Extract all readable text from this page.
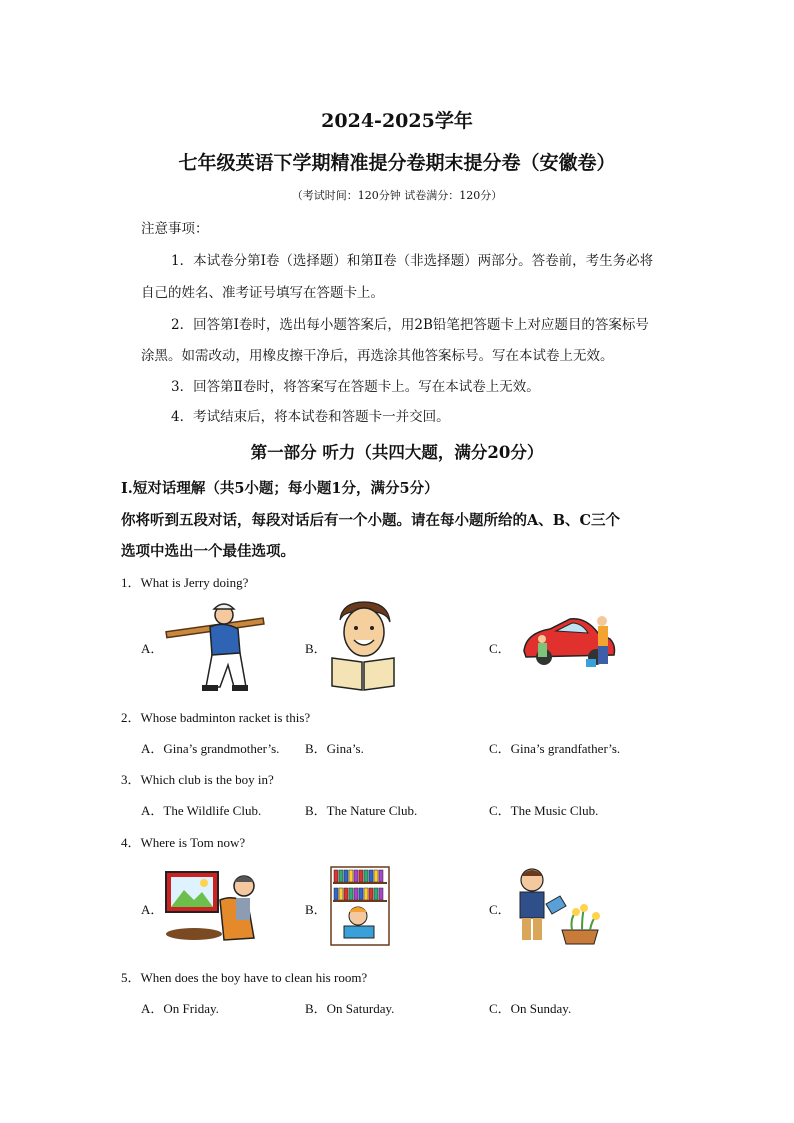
2024-2025学年
七年级英语下学期精准提分卷期末提分卷（安徽卷）
（考试时间：120分钟 试卷满分：120分）
注意事项：
1．本试卷分第Ⅰ卷（选择题）和第Ⅱ卷（非选择题）两部分。答卷前，考生务必将
自己的姓名、准考证号填写在答题卡上。
2．回答第Ⅰ卷时，选出每小题答案后，用2B铅笔把答题卡上对应题目的答案标号
涂黑。如需改动，用橡皮擦干净后，再选涂其他答案标号。写在本试卷上无效。
3．回答第Ⅱ卷时，将答案写在答题卡上。写在本试卷上无效。
4．考试结束后，将本试卷和答题卡一并交回。
第一部分 听力（共四大题，满分20分）
Ⅰ.短对话理解（共5小题；每小题1分，满分5分）
你将听到五段对话，每段对话后有一个小题。请在每小题所给的A、B、C三个
选项中选出一个最佳选项。
1．What is Jerry doing?
A．	B．	C．
2．Whose badminton racket is this?
A．Gina’s grandmother’s. B．Gina’s.	C．Gina’s grandfather’s.
3．Which club is the boy in?
A．The Wildlife Club.	B．The Nature Club.	C．The Music Club.
4．Where is Tom now?
A．	B．	C．
5．When does the boy have to clean his room?
A．On Friday.	B．On Saturday.	C．On Sunday.
